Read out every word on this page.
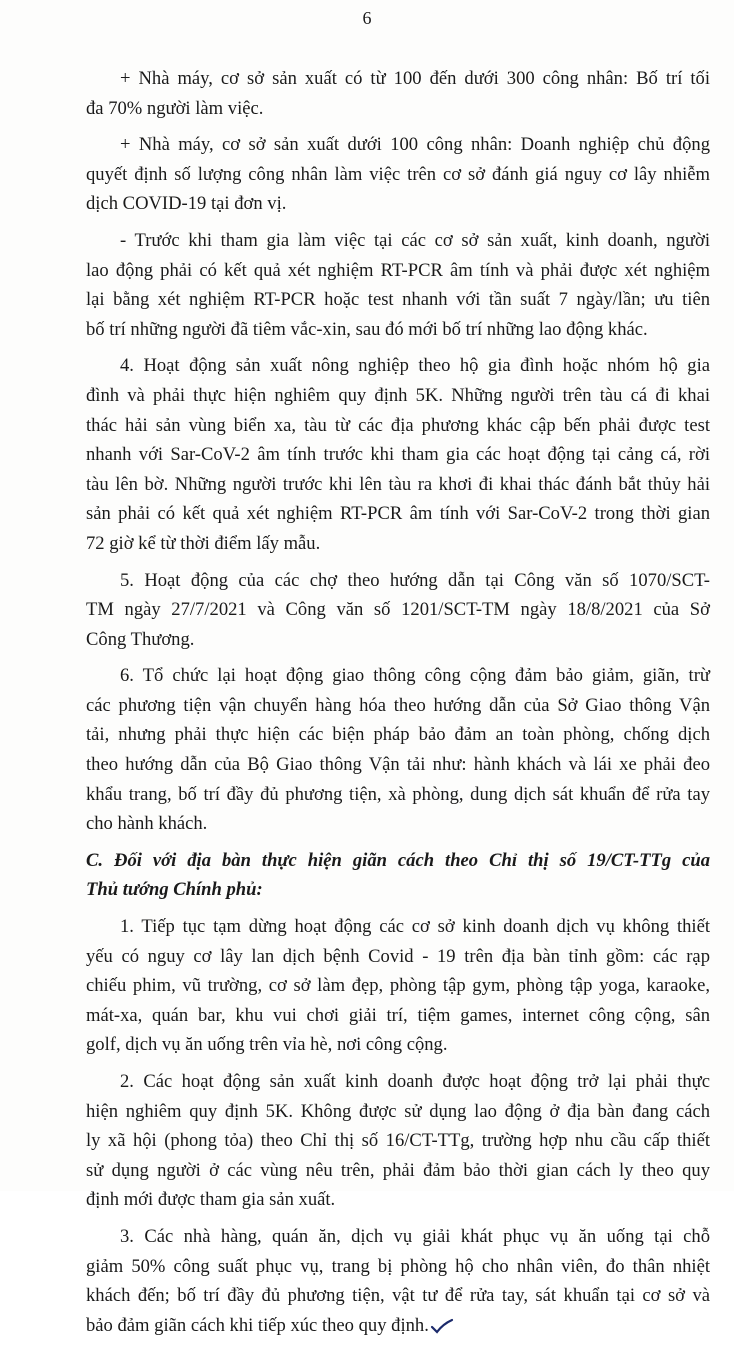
6
+ Nhà máy, cơ sở sản xuất có từ 100 đến dưới 300 công nhân: Bố trí tối
đa 70% người làm việc.
+ Nhà máy, cơ sở sản xuất dưới 100 công nhân: Doanh nghiệp chủ động
quyết định số lượng công nhân làm việc trên cơ sở đánh giá nguy cơ lây nhiễm
dịch COVID-19 tại đơn vị.
- Trước khi tham gia làm việc tại các cơ sở sản xuất, kinh doanh, người
lao động phải có kết quả xét nghiệm RT-PCR âm tính và phải được xét nghiệm
lại bằng xét nghiệm RT-PCR hoặc test nhanh với tần suất 7 ngày/lần; ưu tiên
bố trí những người đã tiêm vắc-xin, sau đó mới bố trí những lao động khác.
4. Hoạt động sản xuất nông nghiệp theo hộ gia đình hoặc nhóm hộ gia
đình và phải thực hiện nghiêm quy định 5K. Những người trên tàu cá đi khai
thác hải sản vùng biển xa, tàu từ các địa phương khác cập bến phải được test
nhanh với Sar-CoV-2 âm tính trước khi tham gia các hoạt động tại cảng cá, rời
tàu lên bờ. Những người trước khi lên tàu ra khơi đi khai thác đánh bắt thủy hải
sản phải có kết quả xét nghiệm RT-PCR âm tính với Sar-CoV-2 trong thời gian
72 giờ kể từ thời điểm lấy mẫu.
5. Hoạt động của các chợ theo hướng dẫn tại Công văn số 1070/SCT-
TM ngày 27/7/2021 và Công văn số 1201/SCT-TM ngày 18/8/2021 của Sở
Công Thương.
6. Tổ chức lại hoạt động giao thông công cộng đảm bảo giảm, giãn, trừ
các phương tiện vận chuyển hàng hóa theo hướng dẫn của Sở Giao thông Vận
tải, nhưng phải thực hiện các biện pháp bảo đảm an toàn phòng, chống dịch
theo hướng dẫn của Bộ Giao thông Vận tải như: hành khách và lái xe phải đeo
khẩu trang, bố trí đầy đủ phương tiện, xà phòng, dung dịch sát khuẩn để rửa tay
cho hành khách.
C. Đối với địa bàn thực hiện giãn cách theo Chỉ thị số 19/CT-TTg của
Thủ tướng Chính phủ:
1. Tiếp tục tạm dừng hoạt động các cơ sở kinh doanh dịch vụ không thiết
yếu có nguy cơ lây lan dịch bệnh Covid - 19 trên địa bàn tỉnh gồm: các rạp
chiếu phim, vũ trường, cơ sở làm đẹp, phòng tập gym, phòng tập yoga, karaoke,
mát-xa, quán bar, khu vui chơi giải trí, tiệm games, internet công cộng, sân
golf, dịch vụ ăn uống trên vỉa hè, nơi công cộng.
2. Các hoạt động sản xuất kinh doanh được hoạt động trở lại phải thực
hiện nghiêm quy định 5K. Không được sử dụng lao động ở địa bàn đang cách
ly xã hội (phong tỏa) theo Chỉ thị số 16/CT-TTg, trường hợp nhu cầu cấp thiết
sử dụng người ở các vùng nêu trên, phải đảm bảo thời gian cách ly theo quy
định mới được tham gia sản xuất.
3. Các nhà hàng, quán ăn, dịch vụ giải khát phục vụ ăn uống tại chỗ
giảm 50% công suất phục vụ, trang bị phòng hộ cho nhân viên, đo thân nhiệt
khách đến; bố trí đầy đủ phương tiện, vật tư để rửa tay, sát khuẩn tại cơ sở và
bảo đảm giãn cách khi tiếp xúc theo quy định.
